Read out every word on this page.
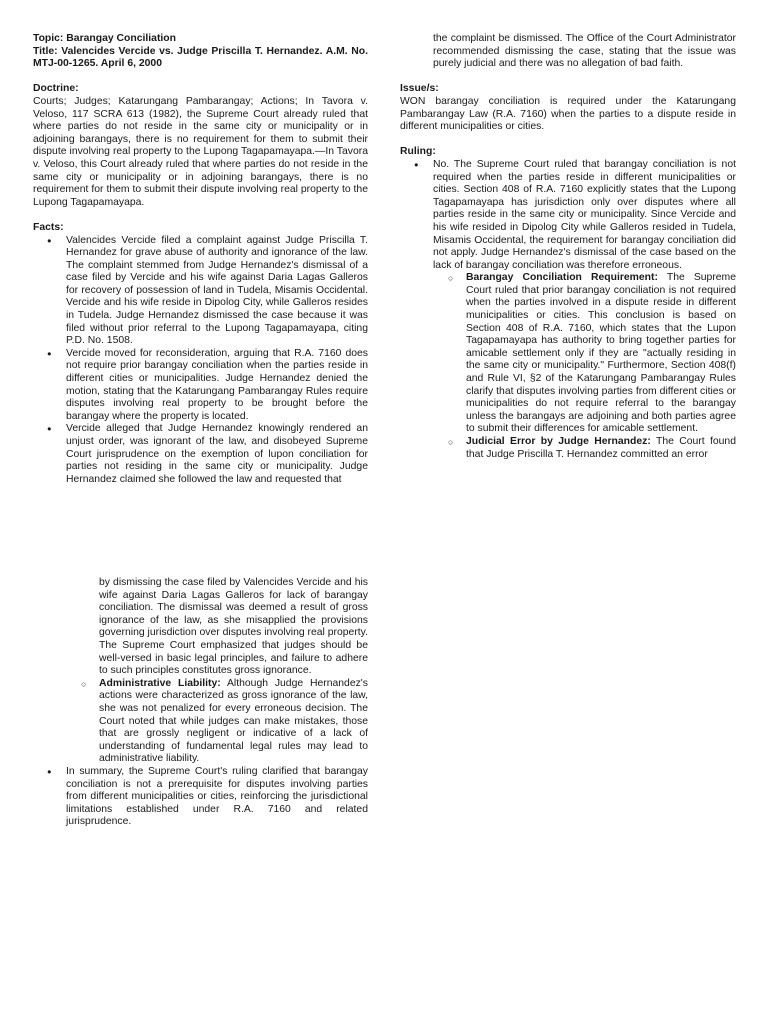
Topic: Barangay Conciliation
Title: Valencides Vercide vs. Judge Priscilla T. Hernandez. A.M. No. MTJ-00-1265. April 6, 2000
Doctrine:

Courts; Judges; Katarungang Pambarangay; Actions; In Tavora v. Veloso, 117 SCRA 613 (1982), the Supreme Court already ruled that where parties do not reside in the same city or municipality or in adjoining barangays, there is no requirement for them to submit their dispute involving real property to the Lupong Tagapamayapa.—In Tavora v. Veloso, this Court already ruled that where parties do not reside in the same city or municipality or in adjoining barangays, there is no requirement for them to submit their dispute involving real property to the Lupong Tagapamayapa.

Facts:
● Valencides Vercide filed a complaint against Judge Priscilla T. Hernandez for grave abuse of authority and ignorance of the law. The complaint stemmed from Judge Hernandez's dismissal of a case filed by Vercide and his wife against Daria Lagas Galleros for recovery of possession of land in Tudela, Misamis Occidental. Vercide and his wife reside in Dipolog City, while Galleros resides in Tudela. Judge Hernandez dismissed the case because it was filed without prior referral to the Lupong Tagapamayapa, citing P.D. No. 1508.
● Vercide moved for reconsideration, arguing that R.A. 7160 does not require prior barangay conciliation when the parties reside in different cities or municipalities. Judge Hernandez denied the motion, stating that the Katarungang Pambarangay Rules require disputes involving real property to be brought before the barangay where the property is located.
● Vercide alleged that Judge Hernandez knowingly rendered an unjust order, was ignorant of the law, and disobeyed Supreme Court jurisprudence on the exemption of lupon conciliation for parties not residing in the same city or municipality. Judge Hernandez claimed she followed the law and requested that

the complaint be dismissed. The Office of the Court Administrator recommended dismissing the case, stating that the issue was purely judicial and there was no allegation of bad faith.

Issue/s:

WON barangay conciliation is required under the Katarungang Pambarangay Law (R.A. 7160) when the parties to a dispute reside in different municipalities or cities.

Ruling:
● No. The Supreme Court ruled that barangay conciliation is not required when the parties reside in different municipalities or cities. Section 408 of R.A. 7160 explicitly states that the Lupong Tagapamayapa has jurisdiction only over disputes where all parties reside in the same city or municipality. Since Vercide and his wife resided in Dipolog City while Galleros resided in Tudela, Misamis Occidental, the requirement for barangay conciliation did not apply. Judge Hernandez's dismissal of the case based on the lack of barangay conciliation was therefore erroneous.
○ Barangay Conciliation Requirement: The Supreme Court ruled that prior barangay conciliation is not required when the parties involved in a dispute reside in different municipalities or cities. This conclusion is based on Section 408 of R.A. 7160, which states that the Lupon Tagapamayapa has authority to bring together parties for amicable settlement only if they are "actually residing in the same city or municipality." Furthermore, Section 408(f) and Rule VI, §2 of the Katarungang Pambarangay Rules clarify that disputes involving parties from different cities or municipalities do not require referral to the barangay unless the barangays are adjoining and both parties agree to submit their differences for amicable settlement.
○ Judicial Error by Judge Hernandez: The Court found that Judge Priscilla T. Hernandez committed an error

by dismissing the case filed by Valencides Vercide and his wife against Daria Lagas Galleros for lack of barangay conciliation. The dismissal was deemed a result of gross ignorance of the law, as she misapplied the provisions governing jurisdiction over disputes involving real property. The Supreme Court emphasized that judges should be well-versed in basic legal principles, and failure to adhere to such principles constitutes gross ignorance.

○ Administrative Liability: Although Judge Hernandez's actions were characterized as gross ignorance of the law, she was not penalized for every erroneous decision. The Court noted that while judges can make mistakes, those that are grossly negligent or indicative of a lack of understanding of fundamental legal rules may lead to administrative liability.
● In summary, the Supreme Court's ruling clarified that barangay conciliation is not a prerequisite for disputes involving parties from different municipalities or cities, reinforcing the jurisdictional limitations established under R.A. 7160 and related jurisprudence.
